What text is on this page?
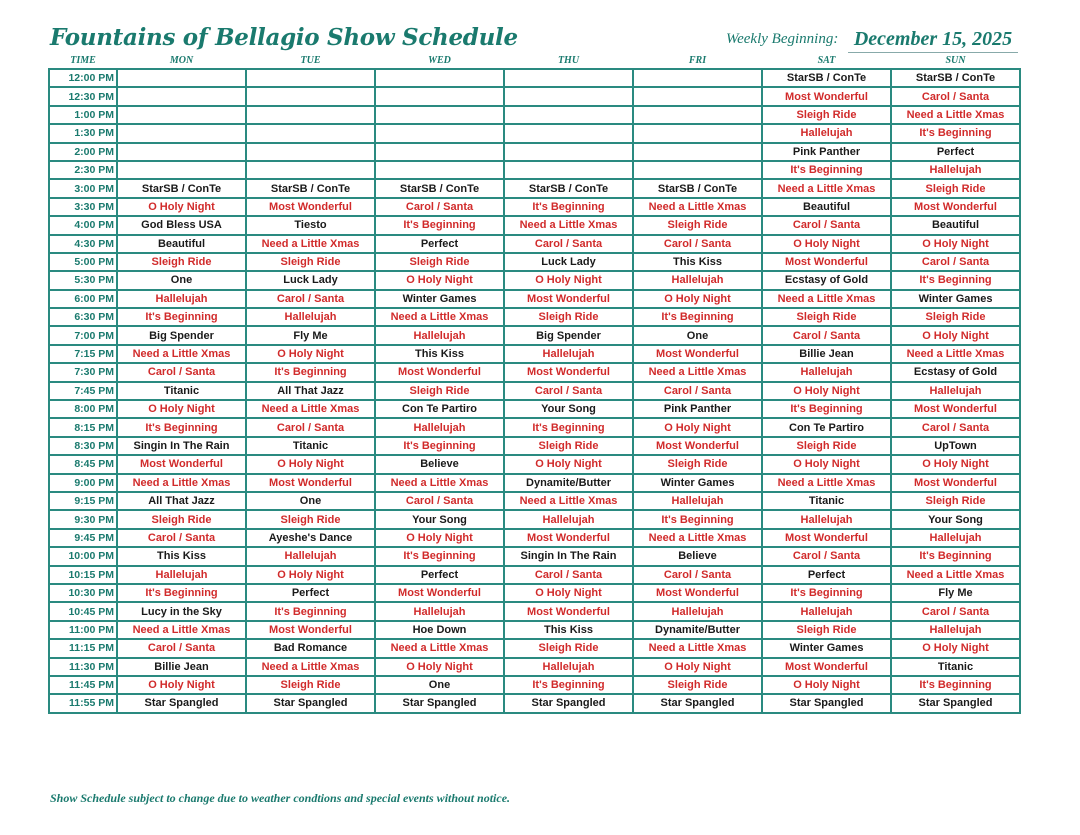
Fountains of Bellagio Show Schedule	Weekly Beginning: December 15, 2025
TIME	MON	TUE	WED	THU	FRI	SAT	SUN
12:00 PM						StarSB / ConTe	StarSB / ConTe
12:30 PM						Most Wonderful	Carol / Santa
1:00 PM						Sleigh Ride	Need a Little Xmas
1:30 PM						Hallelujah	It's Beginning
2:00 PM						Pink Panther	Perfect
2:30 PM						It's Beginning	Hallelujah
3:00 PM	StarSB / ConTe	StarSB / ConTe	StarSB / ConTe	StarSB / ConTe	StarSB / ConTe	Need a Little Xmas	Sleigh Ride
3:30 PM	O Holy Night	Most Wonderful	Carol / Santa	It's Beginning	Need a Little Xmas	Beautiful	Most Wonderful
4:00 PM	God Bless USA	Tiesto	It's Beginning	Need a Little Xmas	Sleigh Ride	Carol / Santa	Beautiful
4:30 PM	Beautiful	Need a Little Xmas	Perfect	Carol / Santa	Carol / Santa	O Holy Night	O Holy Night
5:00 PM	Sleigh Ride	Sleigh Ride	Sleigh Ride	Luck Lady	This Kiss	Most Wonderful	Carol / Santa
5:30 PM	One	Luck Lady	O Holy Night	O Holy Night	Hallelujah	Ecstasy of Gold	It's Beginning
6:00 PM	Hallelujah	Carol / Santa	Winter Games	Most Wonderful	O Holy Night	Need a Little Xmas	Winter Games
6:30 PM	It's Beginning	Hallelujah	Need a Little Xmas	Sleigh Ride	It's Beginning	Sleigh Ride	Sleigh Ride
7:00 PM	Big Spender	Fly Me	Hallelujah	Big Spender	One	Carol / Santa	O Holy Night
7:15 PM	Need a Little Xmas	O Holy Night	This Kiss	Hallelujah	Most Wonderful	Billie Jean	Need a Little Xmas
7:30 PM	Carol / Santa	It's Beginning	Most Wonderful	Most Wonderful	Need a Little Xmas	Hallelujah	Ecstasy of Gold
7:45 PM	Titanic	All That Jazz	Sleigh Ride	Carol / Santa	Carol / Santa	O Holy Night	Hallelujah
8:00 PM	O Holy Night	Need a Little Xmas	Con Te Partiro	Your Song	Pink Panther	It's Beginning	Most Wonderful
8:15 PM	It's Beginning	Carol / Santa	Hallelujah	It's Beginning	O Holy Night	Con Te Partiro	Carol / Santa
8:30 PM	Singin In The Rain	Titanic	It's Beginning	Sleigh Ride	Most Wonderful	Sleigh Ride	UpTown
8:45 PM	Most Wonderful	O Holy Night	Believe	O Holy Night	Sleigh Ride	O Holy Night	O Holy Night
9:00 PM	Need a Little Xmas	Most Wonderful	Need a Little Xmas	Dynamite/Butter	Winter Games	Need a Little Xmas	Most Wonderful
9:15 PM	All That Jazz	One	Carol / Santa	Need a Little Xmas	Hallelujah	Titanic	Sleigh Ride
9:30 PM	Sleigh Ride	Sleigh Ride	Your Song	Hallelujah	It's Beginning	Hallelujah	Your Song
9:45 PM	Carol / Santa	Ayeshe's Dance	O Holy Night	Most Wonderful	Need a Little Xmas	Most Wonderful	Hallelujah
10:00 PM	This Kiss	Hallelujah	It's Beginning	Singin In The Rain	Believe	Carol / Santa	It's Beginning
10:15 PM	Hallelujah	O Holy Night	Perfect	Carol / Santa	Carol / Santa	Perfect	Need a Little Xmas
10:30 PM	It's Beginning	Perfect	Most Wonderful	O Holy Night	Most Wonderful	It's Beginning	Fly Me
10:45 PM	Lucy in the Sky	It's Beginning	Hallelujah	Most Wonderful	Hallelujah	Hallelujah	Carol / Santa
11:00 PM	Need a Little Xmas	Most Wonderful	Hoe Down	This Kiss	Dynamite/Butter	Sleigh Ride	Hallelujah
11:15 PM	Carol / Santa	Bad Romance	Need a Little Xmas	Sleigh Ride	Need a Little Xmas	Winter Games	O Holy Night
11:30 PM	Billie Jean	Need a Little Xmas	O Holy Night	Hallelujah	O Holy Night	Most Wonderful	Titanic
11:45 PM	O Holy Night	Sleigh Ride	One	It's Beginning	Sleigh Ride	O Holy Night	It's Beginning
11:55 PM	Star Spangled	Star Spangled	Star Spangled	Star Spangled	Star Spangled	Star Spangled	Star Spangled
Show Schedule subject to change due to weather condtions and special events without notice.
